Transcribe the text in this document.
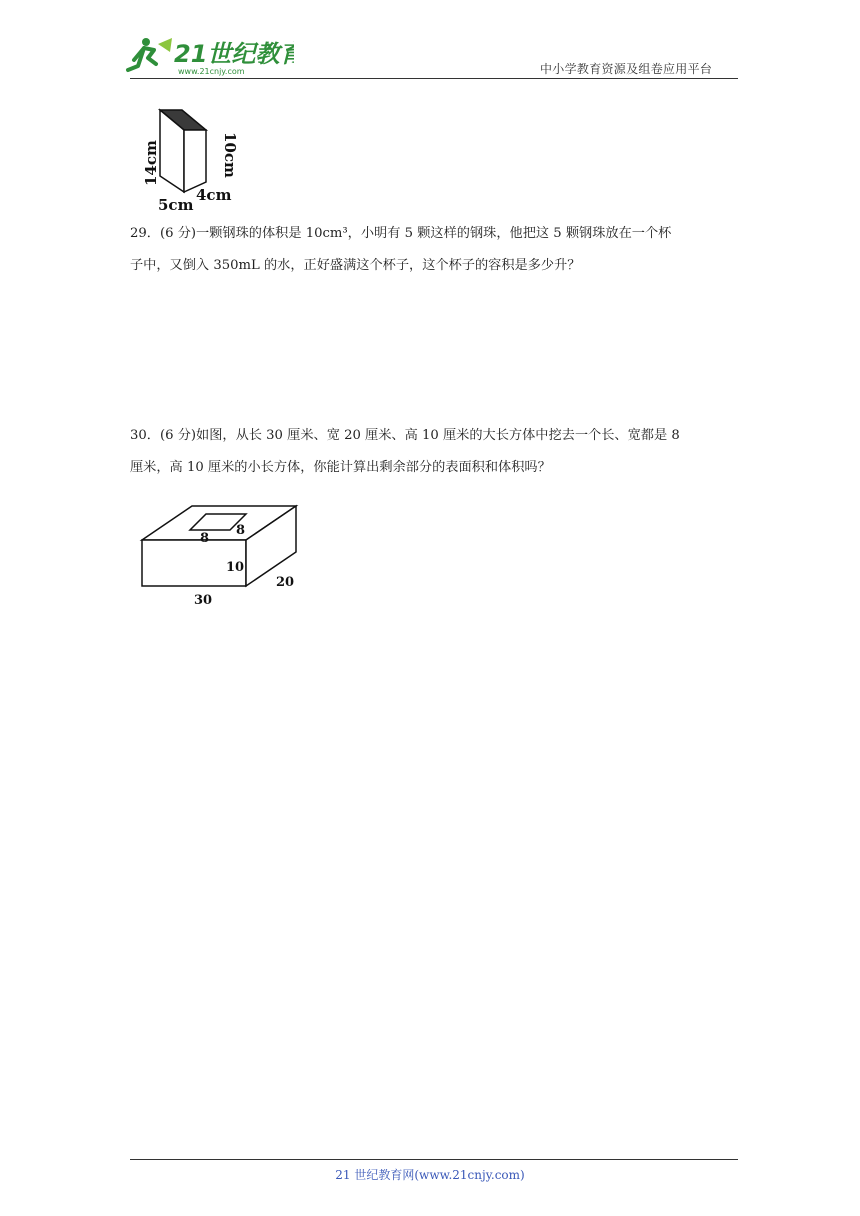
21世纪教育
www.21cnjy.com	中小学教育资源及组卷应用平台
14cm	10cm
5cm
4cm
29．(6 分)一颗钢珠的体积是 10cm³，小明有 5 颗这样的钢珠，他把这 5 颗钢珠放在一个杯
子中，又倒入 350mL 的水，正好盛满这个杯子，这个杯子的容积是多少升？
30．(6 分)如图，从长 30 厘米、宽 20 厘米、高 10 厘米的大长方体中挖去一个长、宽都是 8
厘米，高 10 厘米的小长方体，你能计算出剩余部分的表面积和体积吗？
8
8
10
30
20
21 世纪教育网(www.21cnjy.com)
